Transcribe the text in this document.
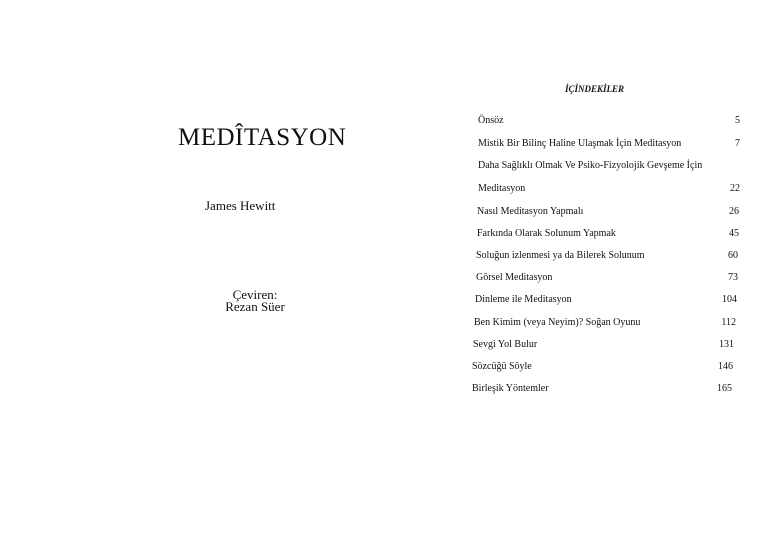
MEDÎTASYON
James Hewitt
Çeviren:
Rezan Süer
İÇİNDEKİLER
Önsöz	5
Mistik Bir Bilinç Haline Ulaşmak İçin Meditasyon	7
Daha Sağlıklı Olmak Ve Psiko-Fizyolojik Gevşeme İçin
Meditasyon	22
Nasıl Meditasyon Yapmalı	26
Farkında Olarak Solunum Yapmak	45
Soluğun izlenmesi ya da Bilerek Solunum	60
Görsel Meditasyon	73
Dinleme ile Meditasyon	104
Ben Kimim (veya Neyim)? Soğan Oyunu	112
Sevgi Yol Bulur	131
Sözcüğü Söyle	146
Birleşik Yöntemler	165
